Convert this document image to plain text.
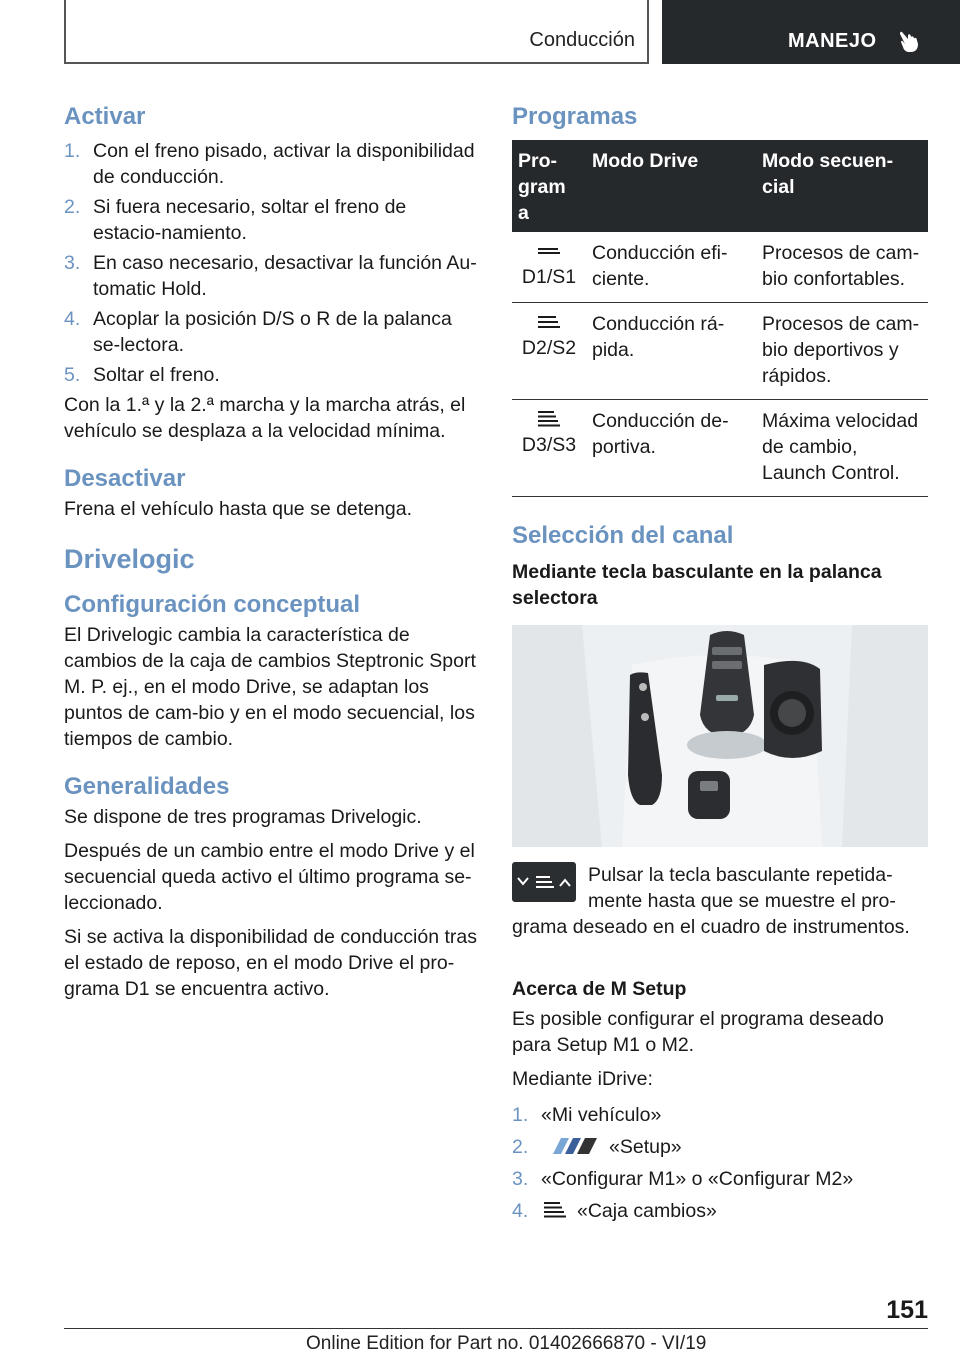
Conducción	MANEJO
Activar
1. Con el freno pisado, activar la disponibilidad de conducción.
2. Si fuera necesario, soltar el freno de estacio‐namiento.
3. En caso necesario, desactivar la función Au‐tomatic Hold.
4. Acoplar la posición D/S o R de la palanca se‐lectora.
5. Soltar el freno.
Con la 1.ª y la 2.ª marcha y la marcha atrás, el vehículo se desplaza a la velocidad mínima.
Desactivar
Frena el vehículo hasta que se detenga.
Drivelogic
Configuración conceptual
El Drivelogic cambia la característica de cambios de la caja de cambios Steptronic Sport M. P. ej., en el modo Drive, se adaptan los puntos de cam‐bio y en el modo secuencial, los tiempos de cambio.
Generalidades
Se dispone de tres programas Drivelogic.
Después de un cambio entre el modo Drive y el secuencial queda activo el último programa se‐leccionado.
Si se activa la disponibilidad de conducción tras el estado de reposo, en el modo Drive el pro‐grama D1 se encuentra activo.
Programas
Pro‐gram a	Modo Drive	Modo secuen‐cial

D1/S1	Conducción efi‐ciente.	Procesos de cam‐bio confortables.

D2/S2	Conducción rá‐pida.	Procesos de cam‐bio deportivos y rápidos.

D3/S3	Conducción de‐portiva.	Máxima velocidad de cambio, Launch Control.
Selección del canal
Mediante tecla basculante en la palanca selectora
Pulsar la tecla basculante repetida‐mente hasta que se muestre el pro‐grama deseado en el cuadro de instrumentos.
Acerca de M Setup
Es posible configurar el programa deseado para Setup M1 o M2.
Mediante iDrive:
1. «Mi vehículo»
2.	«Setup»
3. «Configurar M1» o «Configurar M2»
4. «Caja cambios»
151
Online Edition for Part no. 01402666870 - VI/19
